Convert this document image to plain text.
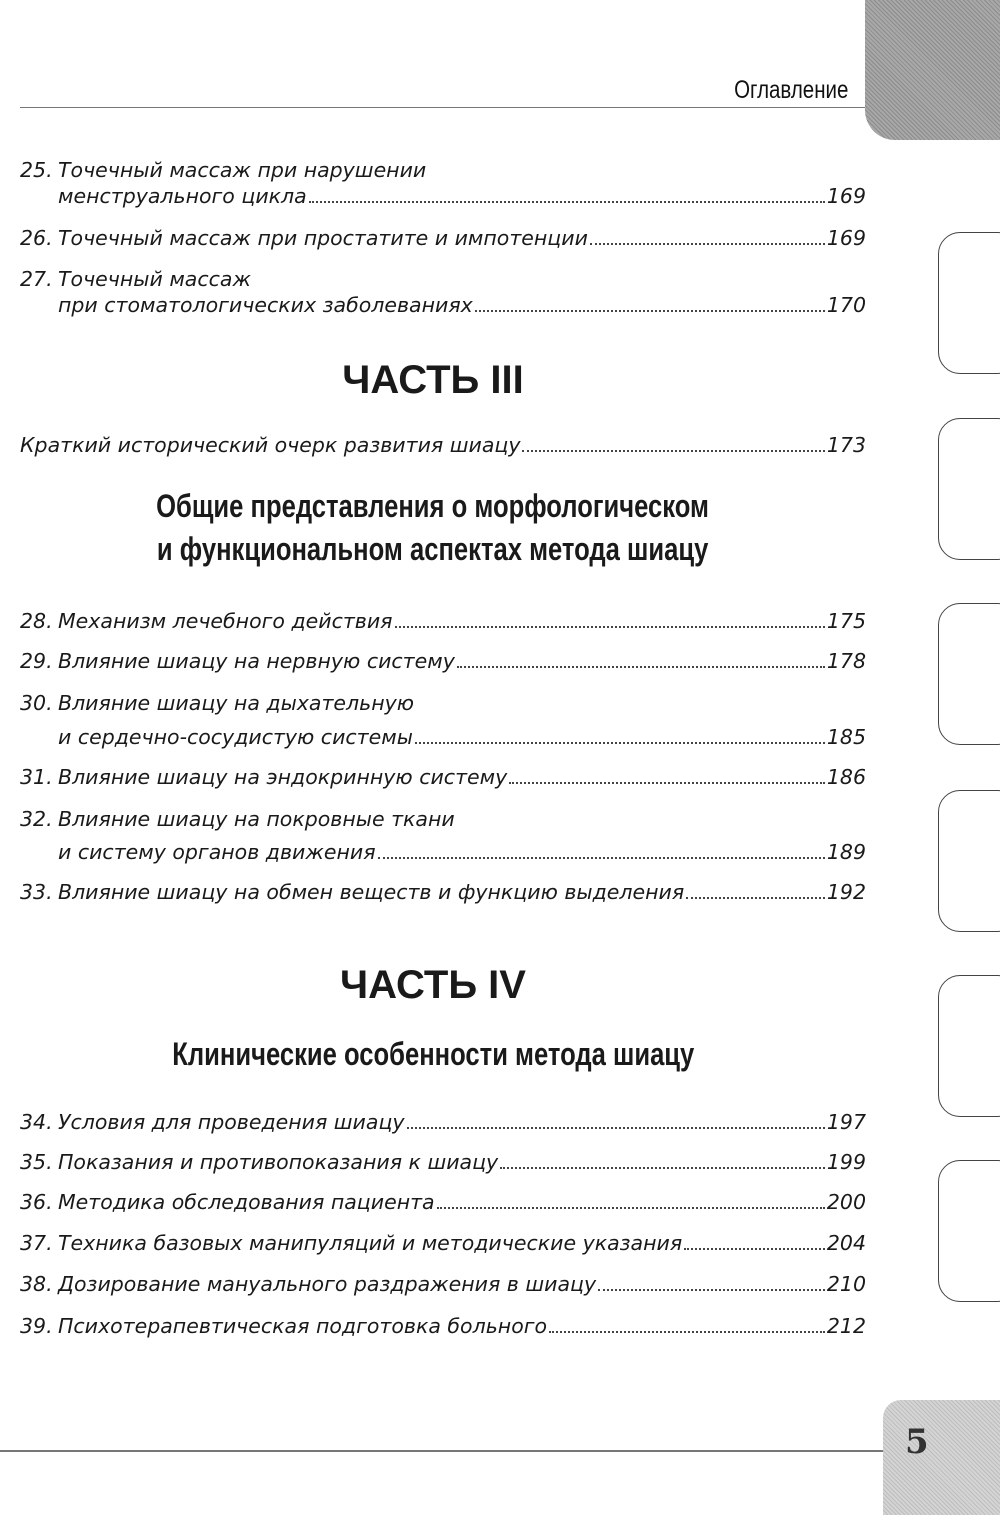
Оглавление
25. Точечный массаж при нарушении
менструального цикла	169
26. Точечный массаж при простатите и импотенции	169
27. Точечный массаж
при стоматологических заболеваниях	170
ЧАСТЬ III
Краткий исторический очерк развития шиацу	173
Общие представления о морфологическом
и функциональном аспектах метода шиацу
28. Механизм лечебного действия	175
29. Влияние шиацу на нервную систему	178
30. Влияние шиацу на дыхательную
и сердечно-сосудистую системы	185
31. Влияние шиацу на эндокринную систему	186
32. Влияние шиацу на покровные ткани
и систему органов движения	189
33. Влияние шиацу на обмен веществ и функцию выделения	192
ЧАСТЬ IV
Клинические особенности метода шиацу
34. Условия для проведения шиацу	197
35. Показания и противопоказания к шиацу	199
36. Методика обследования пациента	200
37. Техника базовых манипуляций и методические указания	204
38. Дозирование мануального раздражения в шиацу	210
39. Психотерапевтическая подготовка больного	212
5
